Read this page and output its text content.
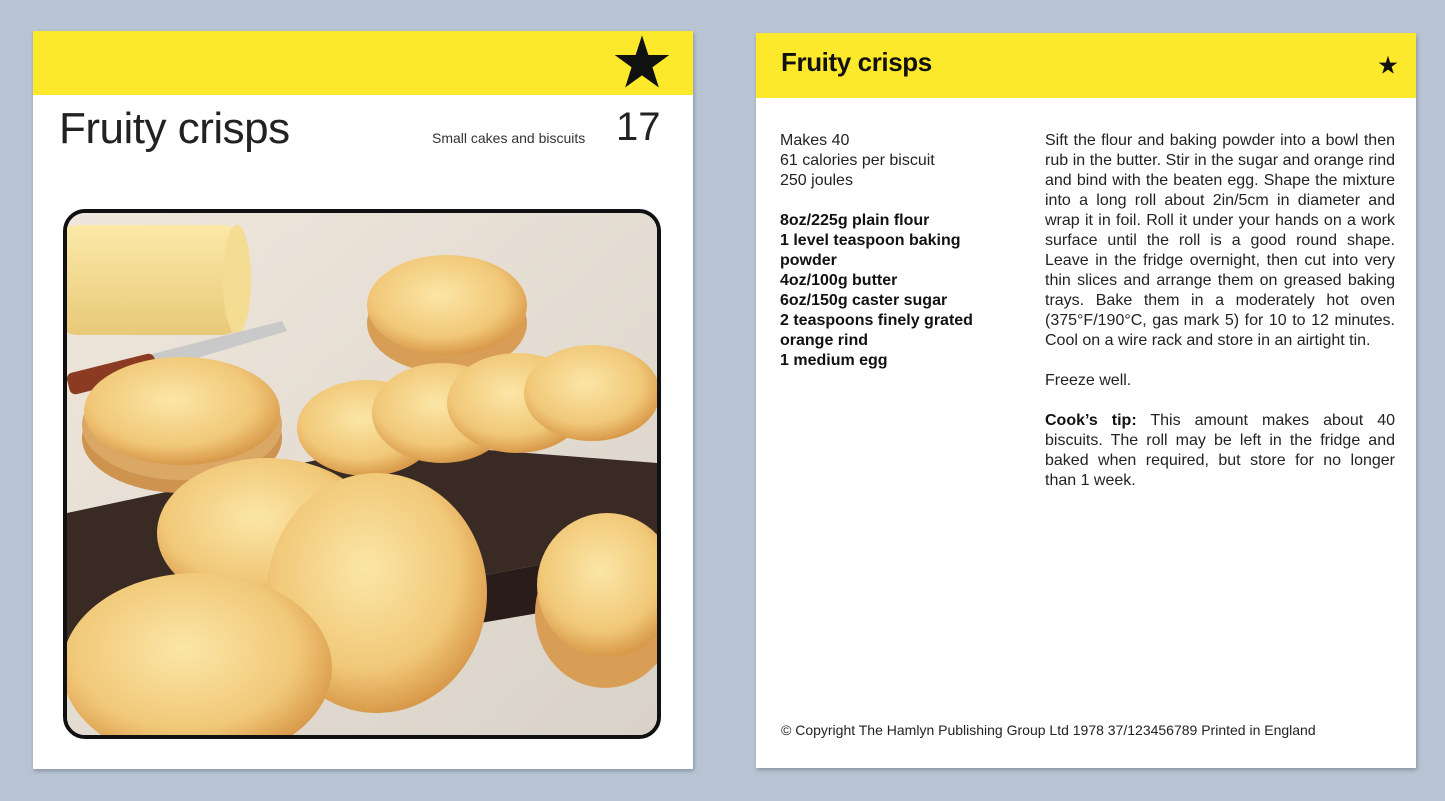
Fruity crisps	Small cakes and biscuits 17
Fruity crisps
Makes 40
61 calories per biscuit
250 joules
8oz/225g plain flour
1 level teaspoon baking
powder
4oz/100g butter
6oz/150g caster sugar
2 teaspoons finely grated
orange rind
1 medium egg

Sift the flour and baking powder into a bowl then rub in the butter. Stir in the sugar and orange rind and bind with the beaten egg. Shape the mixture into a long roll about 2in/5cm in diameter and wrap it in foil. Roll it under your hands on a work surface until the roll is a good round shape. Leave in the fridge overnight, then cut into very thin slices and arrange them on greased baking trays. Bake them in a moderately hot oven (375°F/190°C, gas mark 5) for 10 to 12 minutes. Cool on a wire rack and store in an airtight tin.

Freeze well.

Cook’s tip: This amount makes about 40 biscuits. The roll may be left in the fridge and baked when required, but store for no longer than 1 week.

© Copyright The Hamlyn Publishing Group Ltd 1978 37/123456789 Printed in England
